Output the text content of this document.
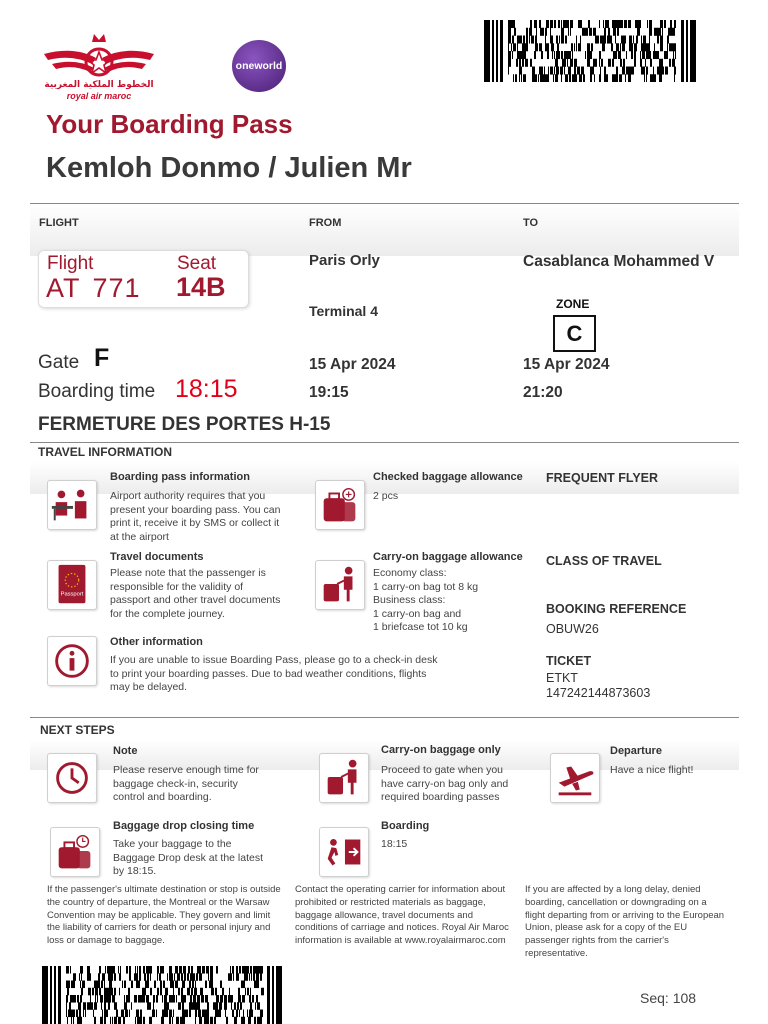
الخطوط الملكية المغربية
royal air maroc
oneworld
Your Boarding Pass
Kemloh Donmo / Julien Mr
FLIGHT	FROM	TO
Flight
AT 771
Seat
14B
Paris Orly
Terminal 4
15 Apr 2024
19:15
Casablanca Mohammed V
ZONE
C
15 Apr 2024
21:20
Gate F
Boarding time 18:15
FERMETURE DES PORTES H-15
TRAVEL INFORMATION
Boarding pass information
Airport authority requires that you
present your boarding pass. You can
print it, receive it by SMS or collect it
at the airport
Checked baggage allowance
2 pcs
Passport
Travel documents
Please note that the passenger is
responsible for the validity of
passport and other travel documents
for the complete journey.
Carry-on baggage allowance
Economy class:
1 carry-on bag tot 8 kg
Business class:
1 carry-on bag and
1 briefcase tot 10 kg
Other information
If you are unable to issue Boarding Pass, please go to a check-in desk
to print your boarding passes. Due to bad weather conditions, flights
may be delayed.
FREQUENT FLYER
CLASS OF TRAVEL
BOOKING REFERENCE
OBUW26
TICKET
ETKT
147242144873603
NEXT STEPS
Note
Please reserve enough time for
baggage check-in, security
control and boarding.
Carry-on baggage only
Proceed to gate when you
have carry-on bag only and
required boarding passes
Departure
Have a nice flight!
Baggage drop closing time
Take your baggage to the
Baggage Drop desk at the latest
by 18:15.
Boarding
18:15
If the passenger's ultimate destination or stop is outside the country of departure, the Montreal or the Warsaw Convention may be applicable. They govern and limit the liability of carriers for death or personal injury and loss or damage to baggage.
Contact the operating carrier for information about prohibited or restricted materials as baggage, baggage allowance, travel documents and conditions of carriage and notices. Royal Air Maroc information is available at www.royalairmaroc.com
If you are affected by a long delay, denied boarding, cancellation or downgrading on a flight departing from or arriving to the European Union, please ask for a copy of the EU passenger rights from the carrier's representative.
Seq: 108
